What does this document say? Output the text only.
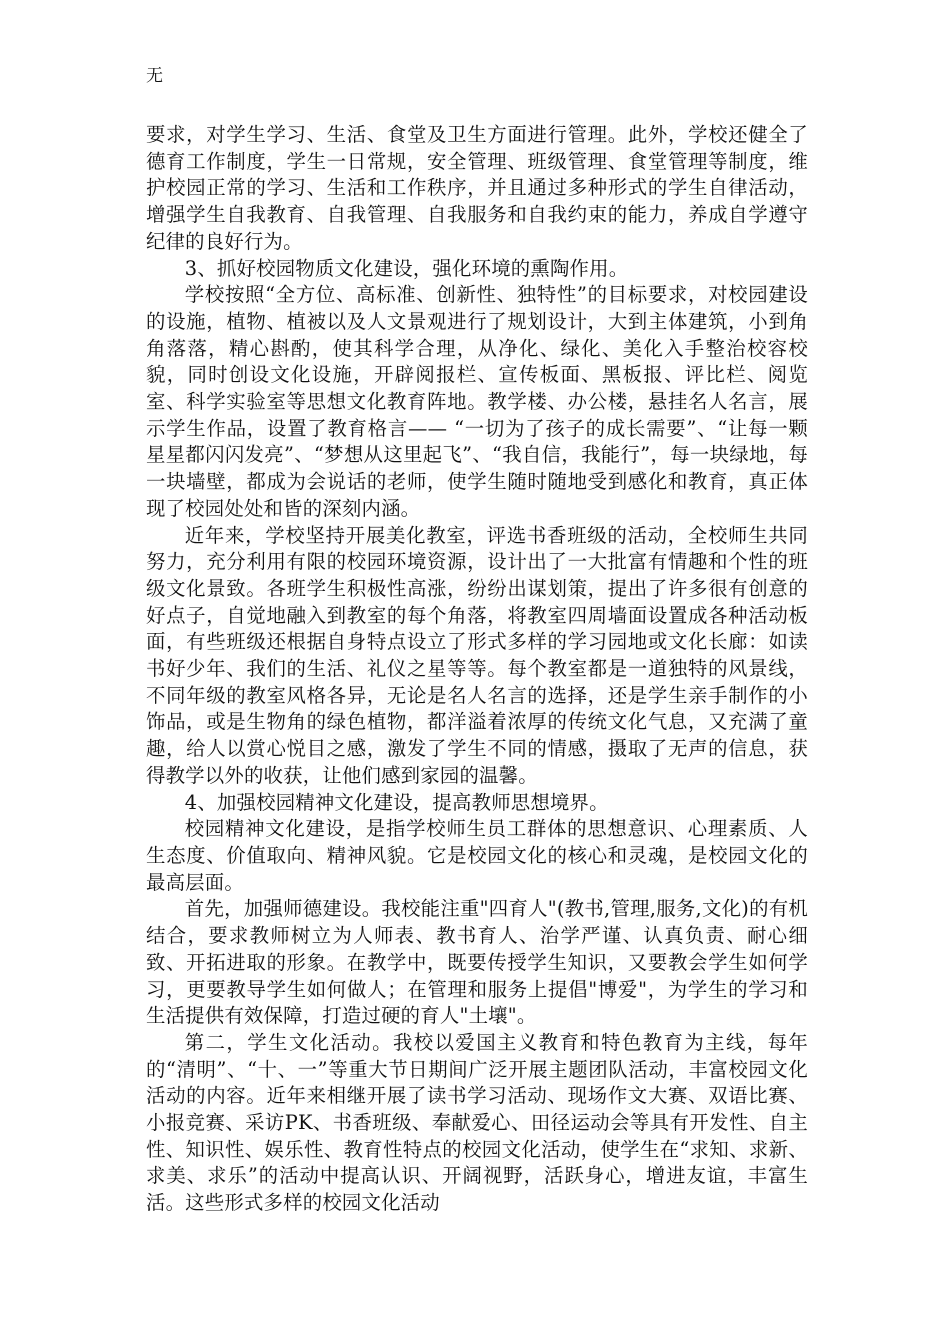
无

要求，对学生学习、生活、食堂及卫生方面进行管理。此外，学校还健全了德育工作制度，学生一日常规，安全管理、班级管理、食堂管理等制度，维护校园正常的学习、生活和工作秩序，并且通过多种形式的学生自律活动，增强学生自我教育、自我管理、自我服务和自我约束的能力，养成自学遵守纪律的良好行为。

3、抓好校园物质文化建设，强化环境的熏陶作用。

学校按照“全方位、高标准、创新性、独特性”的目标要求，对校园建设的设施，植物、植被以及人文景观进行了规划设计，大到主体建筑，小到角角落落，精心斟酌，使其科学合理，从净化、绿化、美化入手整治校容校貌，同时创设文化设施，开辟阅报栏、宣传板面、黑板报、评比栏、阅览室、科学实验室等思想文化教育阵地。教学楼、办公楼，悬挂名人名言，展示学生作品，设置了教育格言—— “一切为了孩子的成长需要”、“让每一颗星星都闪闪发亮”、“梦想从这里起飞”、“我自信，我能行”，每一块绿地，每一块墙壁，都成为会说话的老师，使学生随时随地受到感化和教育，真正体现了校园处处和皆的深刻内涵。

近年来，学校坚持开展美化教室，评选书香班级的活动，全校师生共同努力，充分利用有限的校园环境资源，设计出了一大批富有情趣和个性的班级文化景致。各班学生积极性高涨，纷纷出谋划策，提出了许多很有创意的好点子，自觉地融入到教室的每个角落，将教室四周墙面设置成各种活动板面，有些班级还根据自身特点设立了形式多样的学习园地或文化长廊：如读书好少年、我们的生活、礼仪之星等等。每个教室都是一道独特的风景线，不同年级的教室风格各异，无论是名人名言的选择，还是学生亲手制作的小饰品，或是生物角的绿色植物，都洋溢着浓厚的传统文化气息，又充满了童趣，给人以赏心悦目之感，激发了学生不同的情感，摄取了无声的信息，获得教学以外的收获，让他们感到家园的温馨。

4、加强校园精神文化建设，提高教师思想境界。

校园精神文化建设，是指学校师生员工群体的思想意识、心理素质、人生态度、价值取向、精神风貌。它是校园文化的核心和灵魂，是校园文化的最高层面。

首先，加强师德建设。我校能注重"四育人"(教书,管理,服务,文化)的有机结合，要求教师树立为人师表、教书育人、治学严谨、认真负责、耐心细致、开拓进取的形象。在教学中，既要传授学生知识，又要教会学生如何学习，更要教导学生如何做人；在管理和服务上提倡"博爱"，为学生的学习和生活提供有效保障，打造过硬的育人"土壤"。

第二，学生文化活动。我校以爱国主义教育和特色教育为主线，每年的“清明”、“十、一”等重大节日期间广泛开展主题团队活动，丰富校园文化活动的内容。近年来相继开展了读书学习活动、现场作文大赛、双语比赛、小报竞赛、采访PK、书香班级、奉献爱心、田径运动会等具有开发性、自主性、知识性、娱乐性、教育性特点的校园文化活动，使学生在“求知、求新、求美、求乐”的活动中提高认识、开阔视野，活跃身心，增进友谊，丰富生活。这些形式多样的校园文化活动
